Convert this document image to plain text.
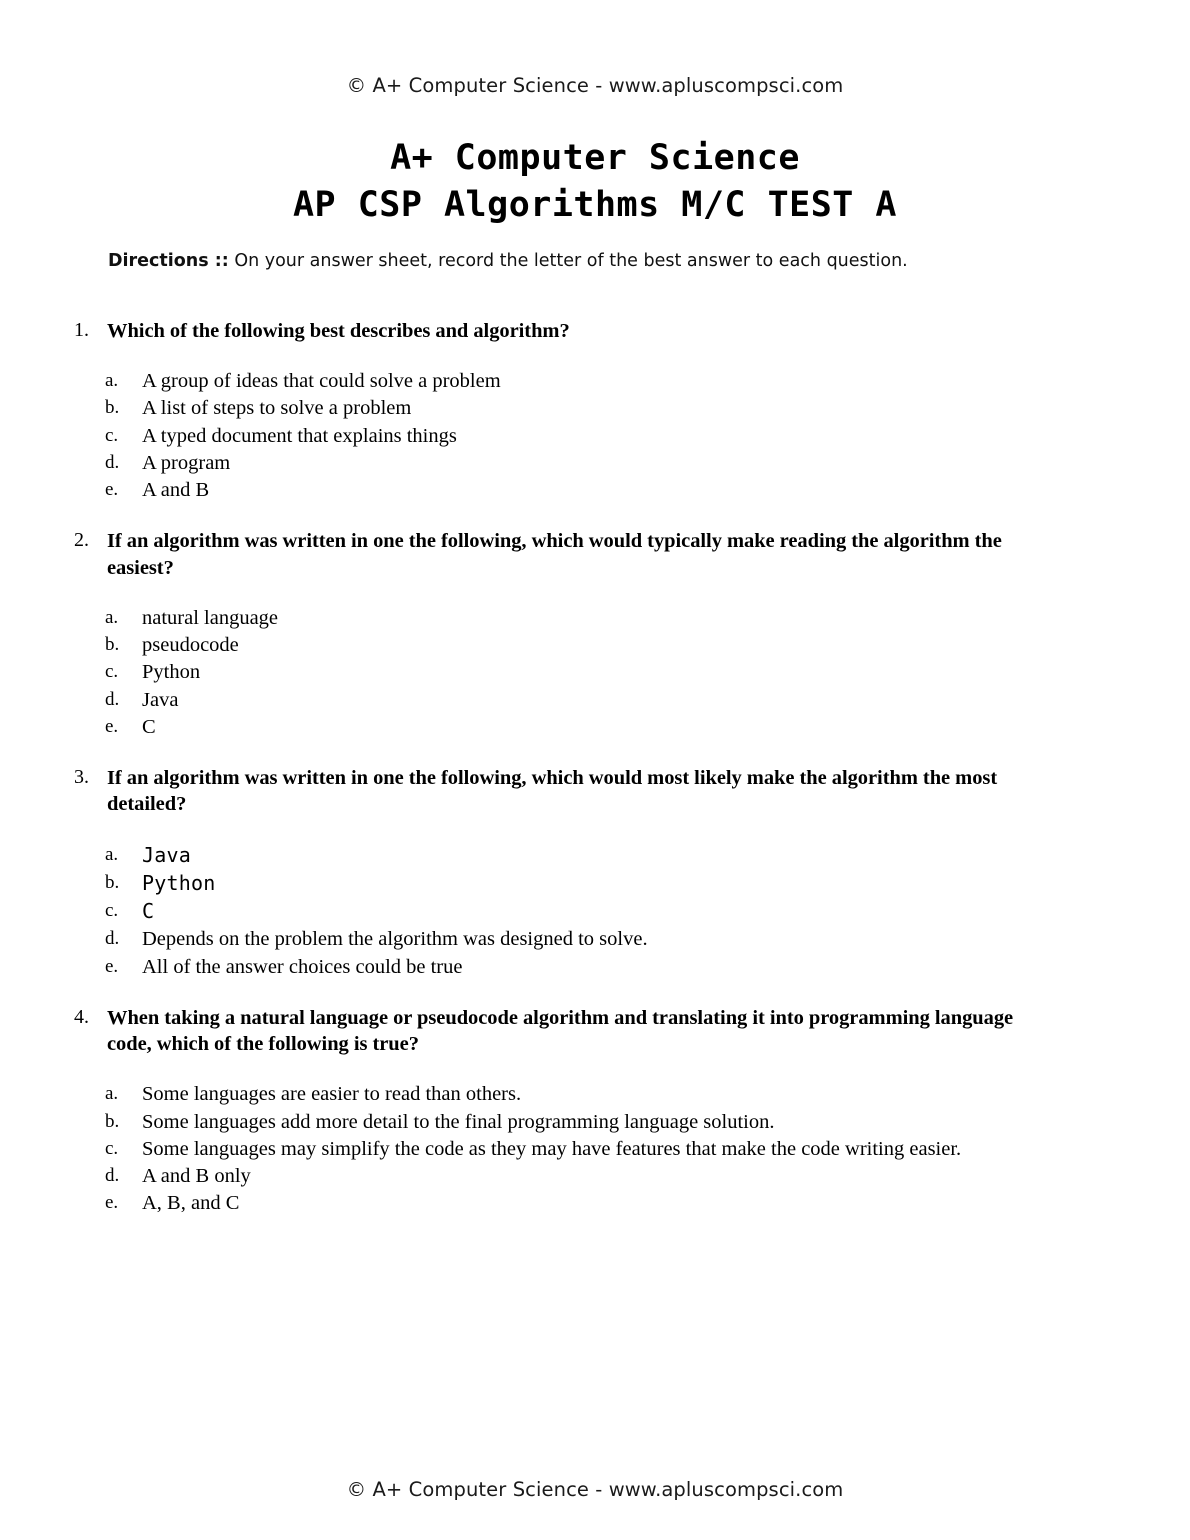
© A+ Computer Science - www.apluscompsci.com
A+ Computer Science
AP CSP Algorithms M/C TEST A
Directions :: On your answer sheet, record the letter of the best answer to each question.
1. Which of the following best describes and algorithm?
a. A group of ideas that could solve a problem
b. A list of steps to solve a problem
c. A typed document that explains things
d. A program
e. A and B
2. If an algorithm was written in one the following, which would typically make reading the algorithm the easiest?
a. natural language
b. pseudocode
c. Python
d. Java
e. C
3. If an algorithm was written in one the following, which would most likely make the algorithm the most detailed?
a. Java
b. Python
c. C
d. Depends on the problem the algorithm was designed to solve.
e. All of the answer choices could be true
4. When taking a natural language or pseudocode algorithm and translating it into programming language code, which of the following is true?
a. Some languages are easier to read than others.
b. Some languages add more detail to the final programming language solution.
c. Some languages may simplify the code as they may have features that make the code writing easier.
d. A and B only
e. A, B, and C
© A+ Computer Science - www.apluscompsci.com
